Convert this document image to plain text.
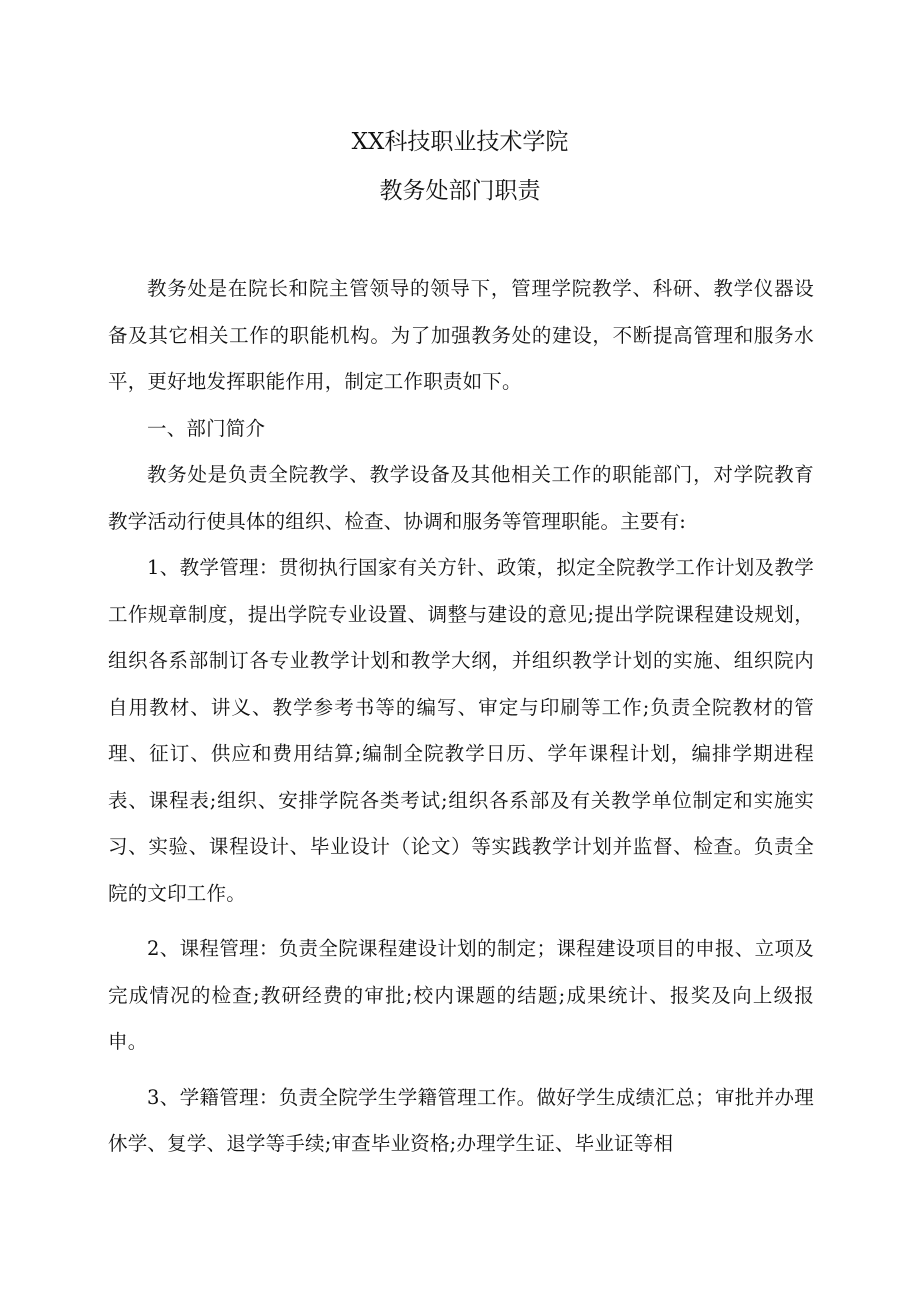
XX科技职业技术学院
教务处部门职责

教务处是在院长和院主管领导的领导下，管理学院教学、科研、教学仪器设备及其它相关工作的职能机构。为了加强教务处的建设，不断提高管理和服务水平，更好地发挥职能作用，制定工作职责如下。

一、部门简介

教务处是负责全院教学、教学设备及其他相关工作的职能部门，对学院教育教学活动行使具体的组织、检查、协调和服务等管理职能。主要有:

1、教学管理：贯彻执行国家有关方针、政策，拟定全院教学工作计划及教学工作规章制度，提出学院专业设置、调整与建设的意见;提出学院课程建设规划，组织各系部制订各专业教学计划和教学大纲，并组织教学计划的实施、组织院内自用教材、讲义、教学参考书等的编写、审定与印刷等工作;负责全院教材的管理、征订、供应和费用结算;编制全院教学日历、学年课程计划，编排学期进程表、课程表;组织、安排学院各类考试;组织各系部及有关教学单位制定和实施实习、实验、课程设计、毕业设计（论文）等实践教学计划并监督、检查。负责全院的文印工作。

2、课程管理：负责全院课程建设计划的制定；课程建设项目的申报、立项及完成情况的检查;教研经费的审批;校内课题的结题;成果统计、报奖及向上级报申。

3、学籍管理：负责全院学生学籍管理工作。做好学生成绩汇总；审批并办理休学、复学、退学等手续;审查毕业资格;办理学生证、毕业证等相
